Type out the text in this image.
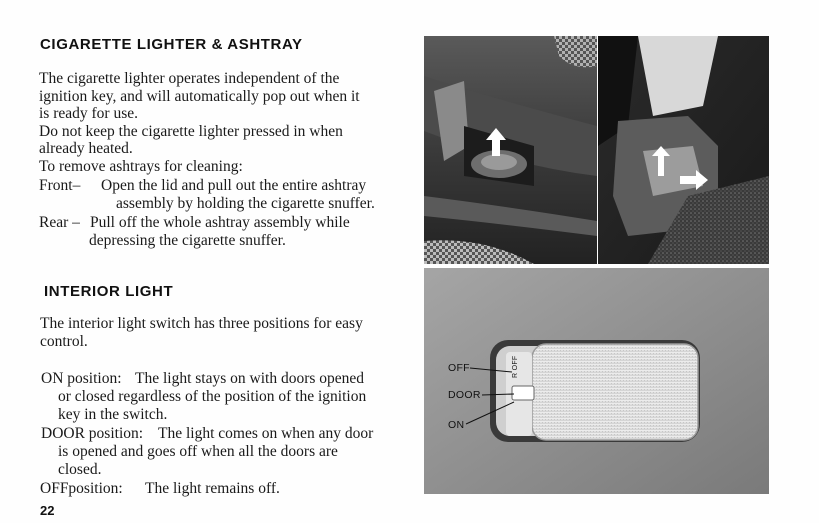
CIGARETTE LIGHTER & ASHTRAY

The cigarette lighter operates independent of the
ignition key, and will automatically pop out when it
is ready for use.
Do not keep the cigarette lighter pressed in when
already heated.
To remove ashtrays for cleaning:

Front– Open the lid and pull out the entire ashtray
assembly by holding the cigarette snuffer.
Rear – Pull off the whole ashtray assembly while
depressing the cigarette snuffer.
INTERIOR LIGHT

The interior light switch has three positions for easy
control.

ON position: The light stays on with doors opened
or closed regardless of the position of the ignition
key in the switch.
DOOR position: The light comes on when any door
is opened and goes off when all the doors are
closed.
OFFposition: The light remains off.
22
R OFF
OFF
DOOR
ON
